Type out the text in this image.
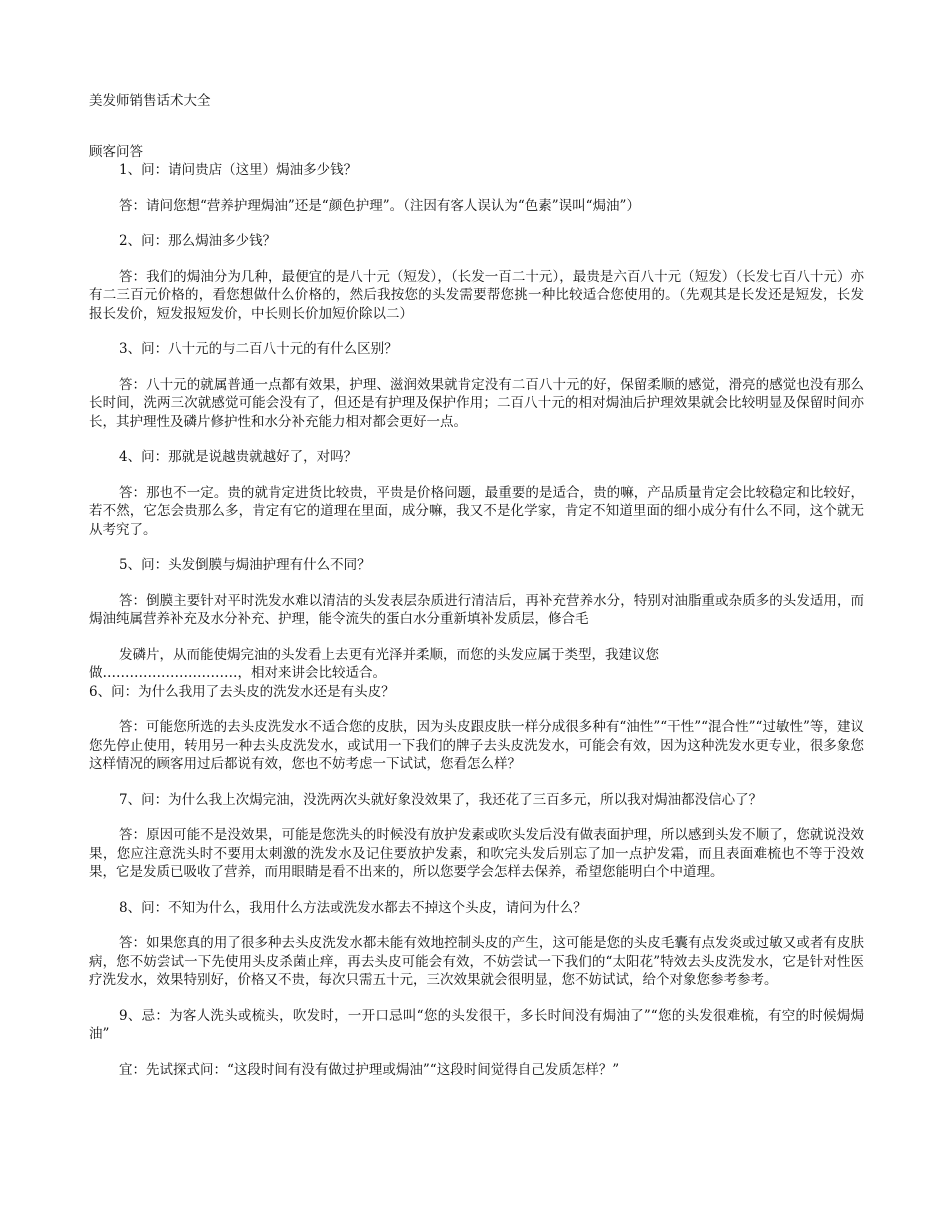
美发师销售话术大全
顾客问答

1、问：请问贵店（这里）焗油多少钱？

答：请问您想“营养护理焗油”还是“颜色护理”。（注因有客人误认为“色素”误叫“焗油”）

2、问：那么焗油多少钱？

答：我们的焗油分为几种，最便宜的是八十元（短发），（长发一百二十元），最贵是六百八十元（短发）（长发七百八十元）亦有二三百元价格的，看您想做什么价格的，然后我按您的头发需要帮您挑一种比较适合您使用的。（先观其是长发还是短发，长发报长发价，短发报短发价，中长则长价加短价除以二）

3、问：八十元的与二百八十元的有什么区别？

答：八十元的就属普通一点都有效果，护理、滋润效果就肯定没有二百八十元的好，保留柔顺的感觉，滑亮的感觉也没有那么长时间，洗两三次就感觉可能会没有了，但还是有护理及保护作用；二百八十元的相对焗油后护理效果就会比较明显及保留时间亦长，其护理性及磷片修护性和水分补充能力相对都会更好一点。

4、问：那就是说越贵就越好了，对吗？

答：那也不一定。贵的就肯定进货比较贵，平贵是价格问题，最重要的是适合，贵的嘛，产品质量肯定会比较稳定和比较好，若不然，它怎会贵那么多，肯定有它的道理在里面，成分嘛，我又不是化学家，肯定不知道里面的细小成分有什么不同，这个就无从考究了。

5、问：头发倒膜与焗油护理有什么不同？

答：倒膜主要针对平时洗发水难以清洁的头发表层杂质进行清洁后，再补充营养水分，特别对油脂重或杂质多的头发适用，而焗油纯属营养补充及水分补充、护理，能令流失的蛋白水分重新填补发质层，修合毛

发磷片，从而能使焗完油的头发看上去更有光泽并柔顺，而您的头发应属于类型，我建议您

做…………………………，相对来讲会比较适合。

6、问：为什么我用了去头皮的洗发水还是有头皮？

答：可能您所选的去头皮洗发水不适合您的皮肤，因为头皮跟皮肤一样分成很多种有“油性”“干性”“混合性”“过敏性”等，建议您先停止使用，转用另一种去头皮洗发水，或试用一下我们的牌子去头皮洗发水，可能会有效，因为这种洗发水更专业，很多象您这样情况的顾客用过后都说有效，您也不妨考虑一下试试，您看怎么样？

7、问：为什么我上次焗完油，没洗两次头就好象没效果了，我还花了三百多元，所以我对焗油都没信心了？

答：原因可能不是没效果，可能是您洗头的时候没有放护发素或吹头发后没有做表面护理，所以感到头发不顺了，您就说没效果，您应注意洗头时不要用太刺激的洗发水及记住要放护发素，和吹完头发后别忘了加一点护发霜，而且表面难梳也不等于没效果，它是发质已吸收了营养，而用眼睛是看不出来的，所以您要学会怎样去保养，希望您能明白个中道理。

8、问：不知为什么，我用什么方法或洗发水都去不掉这个头皮，请问为什么？

答：如果您真的用了很多种去头皮洗发水都未能有效地控制头皮的产生，这可能是您的头皮毛囊有点发炎或过敏又或者有皮肤病，您不妨尝试一下先使用头皮杀菌止痒，再去头皮可能会有效，不妨尝试一下我们的“太阳花”特效去头皮洗发水，它是针对性医疗洗发水，效果特别好，价格又不贵，每次只需五十元，三次效果就会很明显，您不妨试试，给个对象您参考参考。

9、忌：为客人洗头或梳头，吹发时，一开口忌叫“您的头发很干，多长时间没有焗油了”“您的头发很难梳，有空的时候焗焗油”

宜：先试探式问：“这段时间有没有做过护理或焗油”“这段时间觉得自己发质怎样？”
